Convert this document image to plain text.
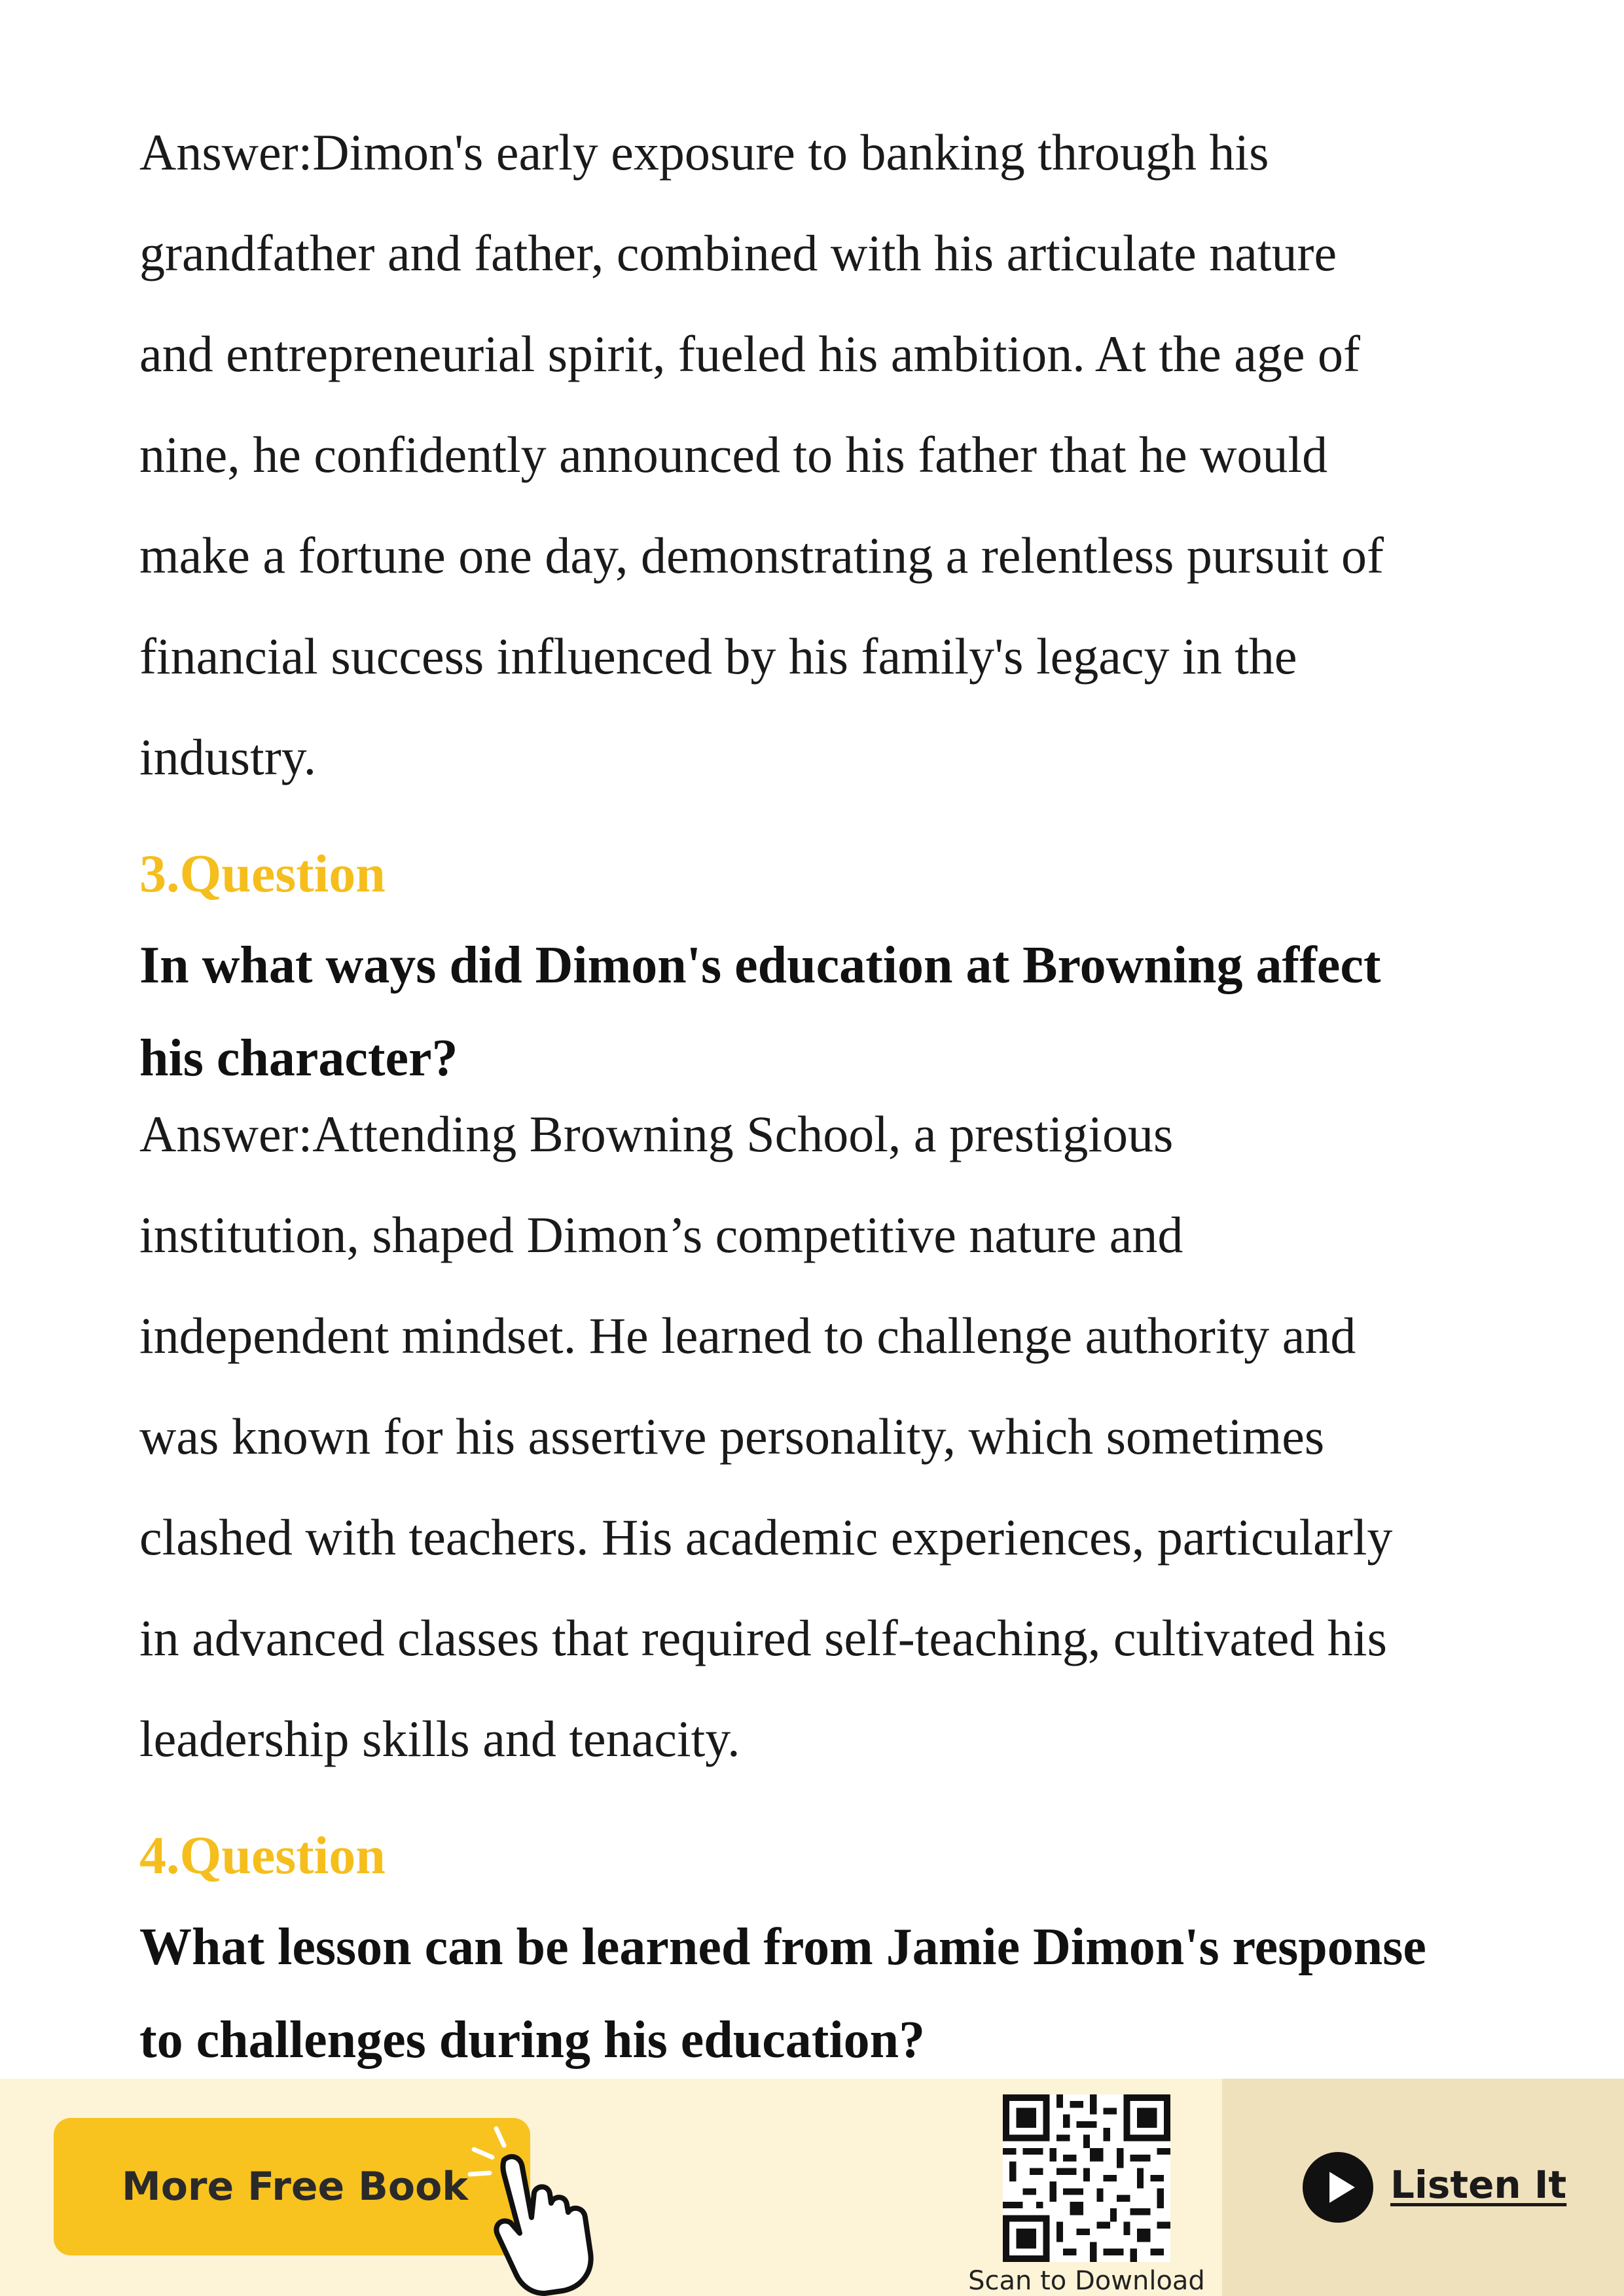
Answer:Dimon's early exposure to banking through his
grandfather and father, combined with his articulate nature
and entrepreneurial spirit, fueled his ambition. At the age of
nine, he confidently announced to his father that he would
make a fortune one day, demonstrating a relentless pursuit of
financial success influenced by his family's legacy in the
industry.
3.Question
In what ways did Dimon's education at Browning affect
his character?
Answer:Attending Browning School, a prestigious
institution, shaped Dimon’s competitive nature and
independent mindset. He learned to challenge authority and
was known for his assertive personality, which sometimes
clashed with teachers. His academic experiences, particularly
in advanced classes that required self-teaching, cultivated his
leadership skills and tenacity.
4.Question
What lesson can be learned from Jamie Dimon's response
to challenges during his education?
More Free Book
Scan to Download
Listen It
